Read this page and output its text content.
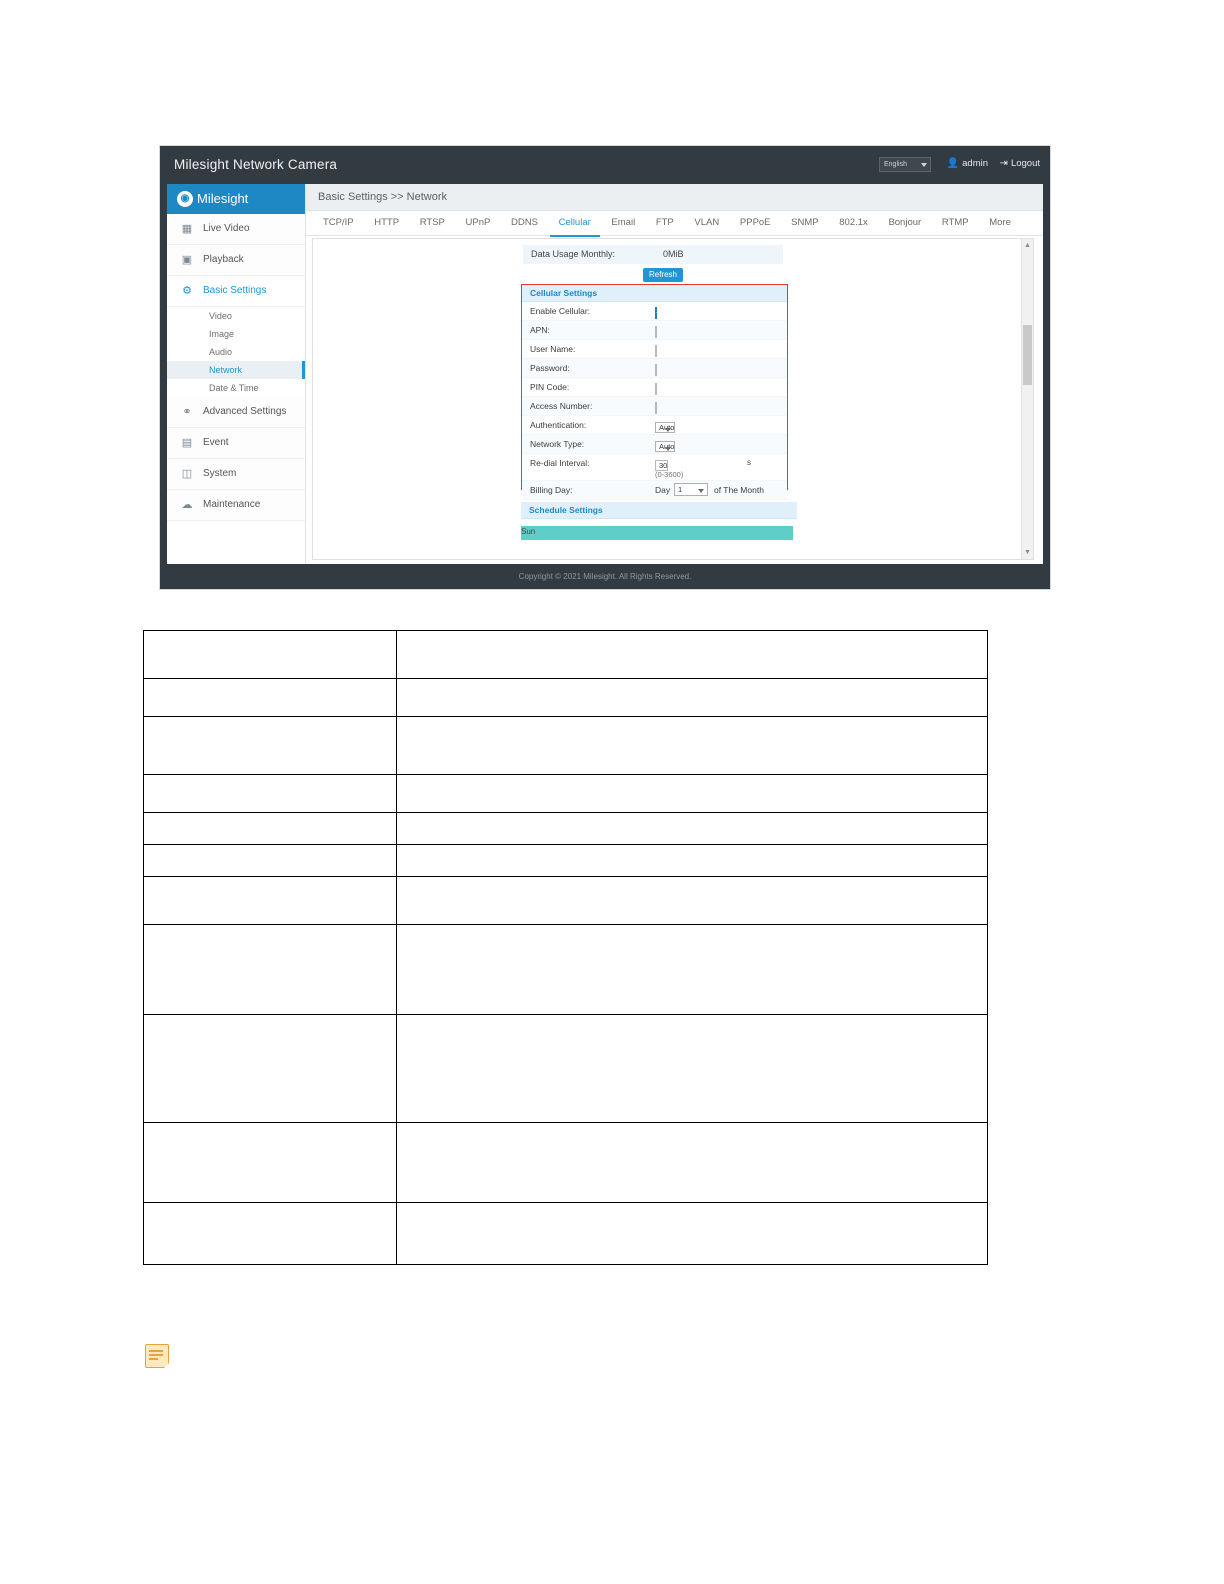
Milesight Network Camera	English	👤 admin ⇥ Logout
◉ Milesight
▦ Live Video
▣ Playback
⚙ Basic Settings
Video
Image
Audio
Network
Date & Time
⚭ Advanced Settings
▤ Event
◫ System
☁ Maintenance
Basic Settings >> Network
TCP/IP HTTP RTSP UPnP DDNS Cellular Email FTP VLAN PPPoE SNMP 802.1x Bonjour RTMP More
Data Usage Monthly:	0MiB
Refresh
Cellular Settings
Enable Cellular:
APN:
User Name:
Password:
PIN Code:
Access Number:
Authentication:	Auto
Network Type:	Auto
Re-dial Interval:	30	s
(0-3600)
Billing Day:	Day	1	of The Month
Schedule Settings
Sun
▲
▼
Copyright © 2021 Milesight. All Rights Reserved.
